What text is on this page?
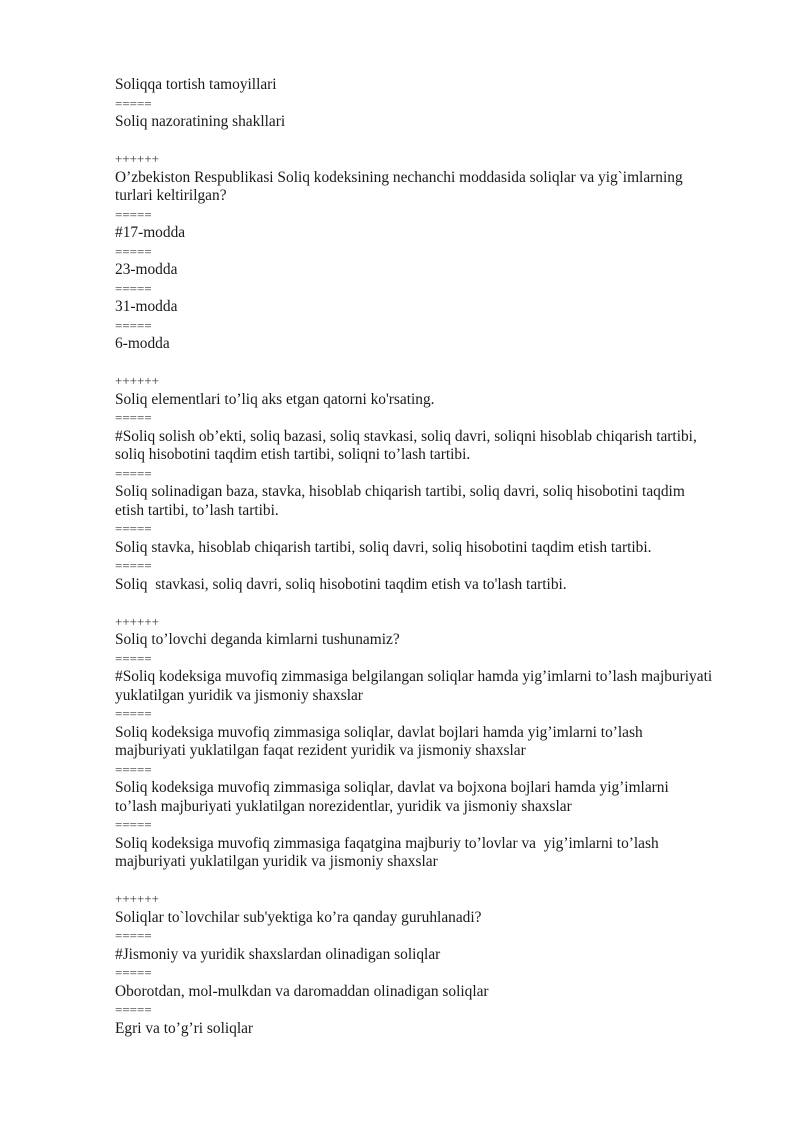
Soliqqa tortish tamoyillari

=====

Soliq nazoratining shakllari

++++++

O’zbekiston Respublikasi Soliq kodeksining nechanchi moddasida soliqlar va yig`imlarning
turlari keltirilgan?

=====

#17-modda

=====

23-modda

=====

31-modda

=====

6-modda

++++++

Soliq elementlari to’liq aks etgan qatorni ko'rsating.

=====

#Soliq solish ob’ekti, soliq bazasi, soliq stavkasi, soliq davri, soliqni hisoblab chiqarish tartibi,
soliq hisobotini taqdim etish tartibi, soliqni to’lash tartibi.

=====

Soliq solinadigan baza, stavka, hisoblab chiqarish tartibi, soliq davri, soliq hisobotini taqdim
etish tartibi, to’lash tartibi.

=====

Soliq stavka, hisoblab chiqarish tartibi, soliq davri, soliq hisobotini taqdim etish tartibi.

=====

Soliq  stavkasi, soliq davri, soliq hisobotini taqdim etish va to'lash tartibi.

++++++

Soliq to’lovchi deganda kimlarni tushunamiz?

=====

#Soliq kodeksiga muvofiq zimmasiga belgilangan soliqlar hamda yig’imlarni to’lash majburiyati
yuklatilgan yuridik va jismoniy shaxslar

=====

Soliq kodeksiga muvofiq zimmasiga soliqlar, davlat bojlari hamda yig’imlarni to’lash
majburiyati yuklatilgan faqat rezident yuridik va jismoniy shaxslar

=====

Soliq kodeksiga muvofiq zimmasiga soliqlar, davlat va bojxona bojlari hamda yig’imlarni
to’lash majburiyati yuklatilgan norezidentlar, yuridik va jismoniy shaxslar

=====

Soliq kodeksiga muvofiq zimmasiga faqatgina majburiy to’lovlar va  yig’imlarni to’lash
majburiyati yuklatilgan yuridik va jismoniy shaxslar

++++++

Soliqlar to`lovchilar sub'yektiga ko’ra qanday guruhlanadi?

=====

#Jismoniy va yuridik shaxslardan olinadigan soliqlar

=====

Oborotdan, mol-mulkdan va daromaddan olinadigan soliqlar

=====

Egri va to’g’ri soliqlar
